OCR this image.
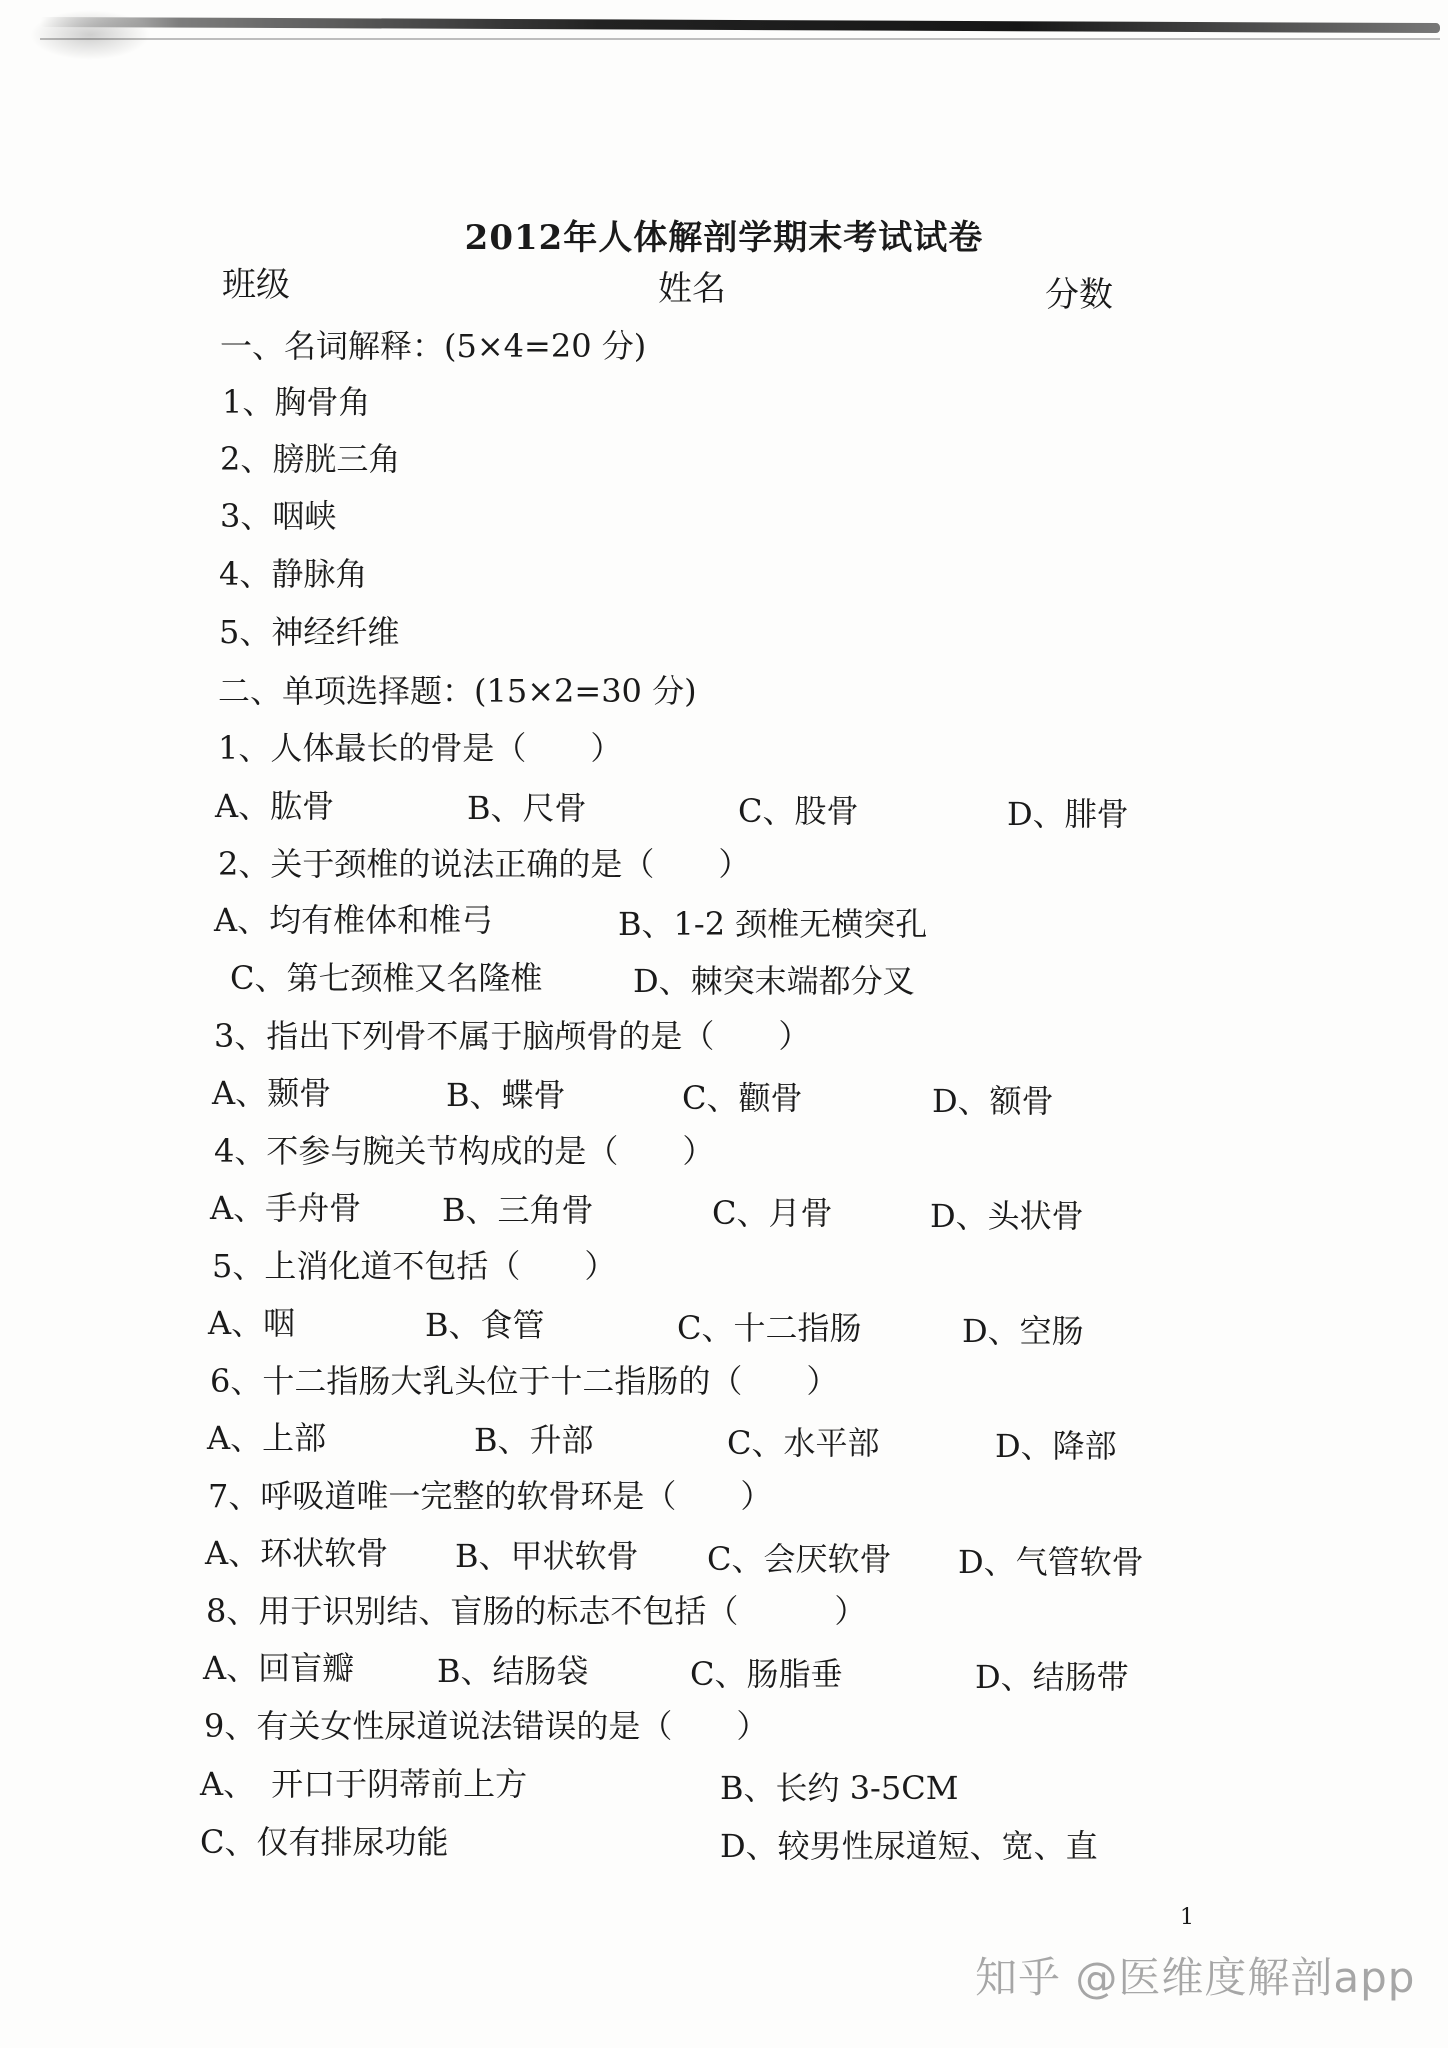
2012年人体解剖学期末考试试卷
班级	姓名	分数
一、名词解释：(5×4=20 分)
1、胸骨角
2、膀胱三角
3、咽峡
4、静脉角
5、神经纤维
二、单项选择题：(15×2=30 分)
1、人体最长的骨是（　　）
A、肱骨	B、尺骨	C、股骨	D、腓骨
2、关于颈椎的说法正确的是（　　）
A、均有椎体和椎弓	B、1-2 颈椎无横突孔
C、第七颈椎又名隆椎	D、棘突末端都分叉
3、指出下列骨不属于脑颅骨的是（　　）
A、颞骨	B、蝶骨	C、颧骨	D、额骨
4、不参与腕关节构成的是（　　）
A、手舟骨	B、三角骨	C、月骨	D、头状骨
5、上消化道不包括（　　）
A、咽	B、食管	C、十二指肠	D、空肠
6、十二指肠大乳头位于十二指肠的（　　）
A、上部	B、升部	C、水平部	D、降部
7、呼吸道唯一完整的软骨环是（　　）
A、环状软骨 B、甲状软骨 C、会厌软骨 D、气管软骨
8、用于识别结、盲肠的标志不包括（　　　）
A、回盲瓣	B、结肠袋	C、肠脂垂	D、结肠带
9、有关女性尿道说法错误的是（　　）
A、　开口于阴蒂前上方	B、长约 3-5CM
C、仅有排尿功能	D、较男性尿道短、宽、直
1
知乎 @医维度解剖app
